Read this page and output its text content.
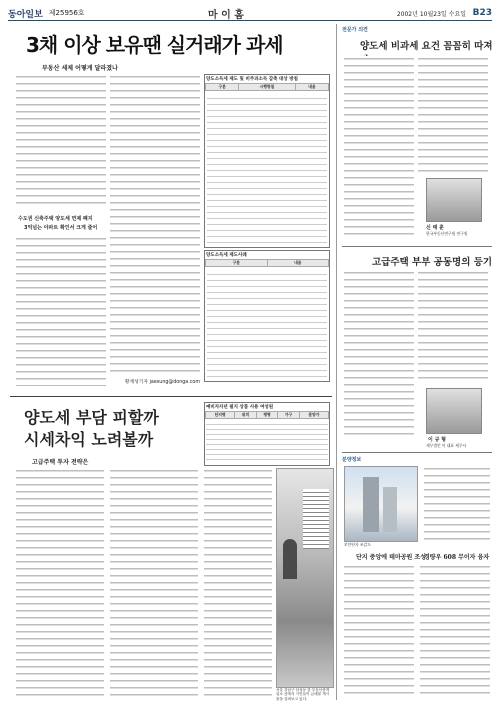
동아일보 제25956호	마 이 홈	2002년 10월23일 수요일 B23
3채 이상 보유땐 실거래가 과세
부동산 세제 어떻게 달라졌나
수도권 신축주택 양도세 면제 폐지
3억넘는 아파트 확인서 크게 줄어
황재성기자 jaesung@donga.com
양도소득세 제도 및 비주과소득 감축 대상 방침
구분	시행방침	내용
양도소득세 제도사례
구분	내용
양도세 부담 피할까
시세차익 노려볼까
고급주택 투자 전략은
예비자자년 필지 상품 사용 여성원
단지명	위치	평형	가구	분양가
서울 강남구 삼성동 한 부동산중개업소 앞에서 시민들이 급매물 게시물을 살펴보고 있다.
전문가 의견
양도세 비과세 요건 꼼꼼히 따져
신 태 훈
한국부동산연구원 연구원
고급주택 부부 공동명의 등기
이 규 형
세무법인 이 대표 세무사
분양정보
보안단지 조감도
단지 중앙에 테마공원 조성
경량우 608 무이자 융자
